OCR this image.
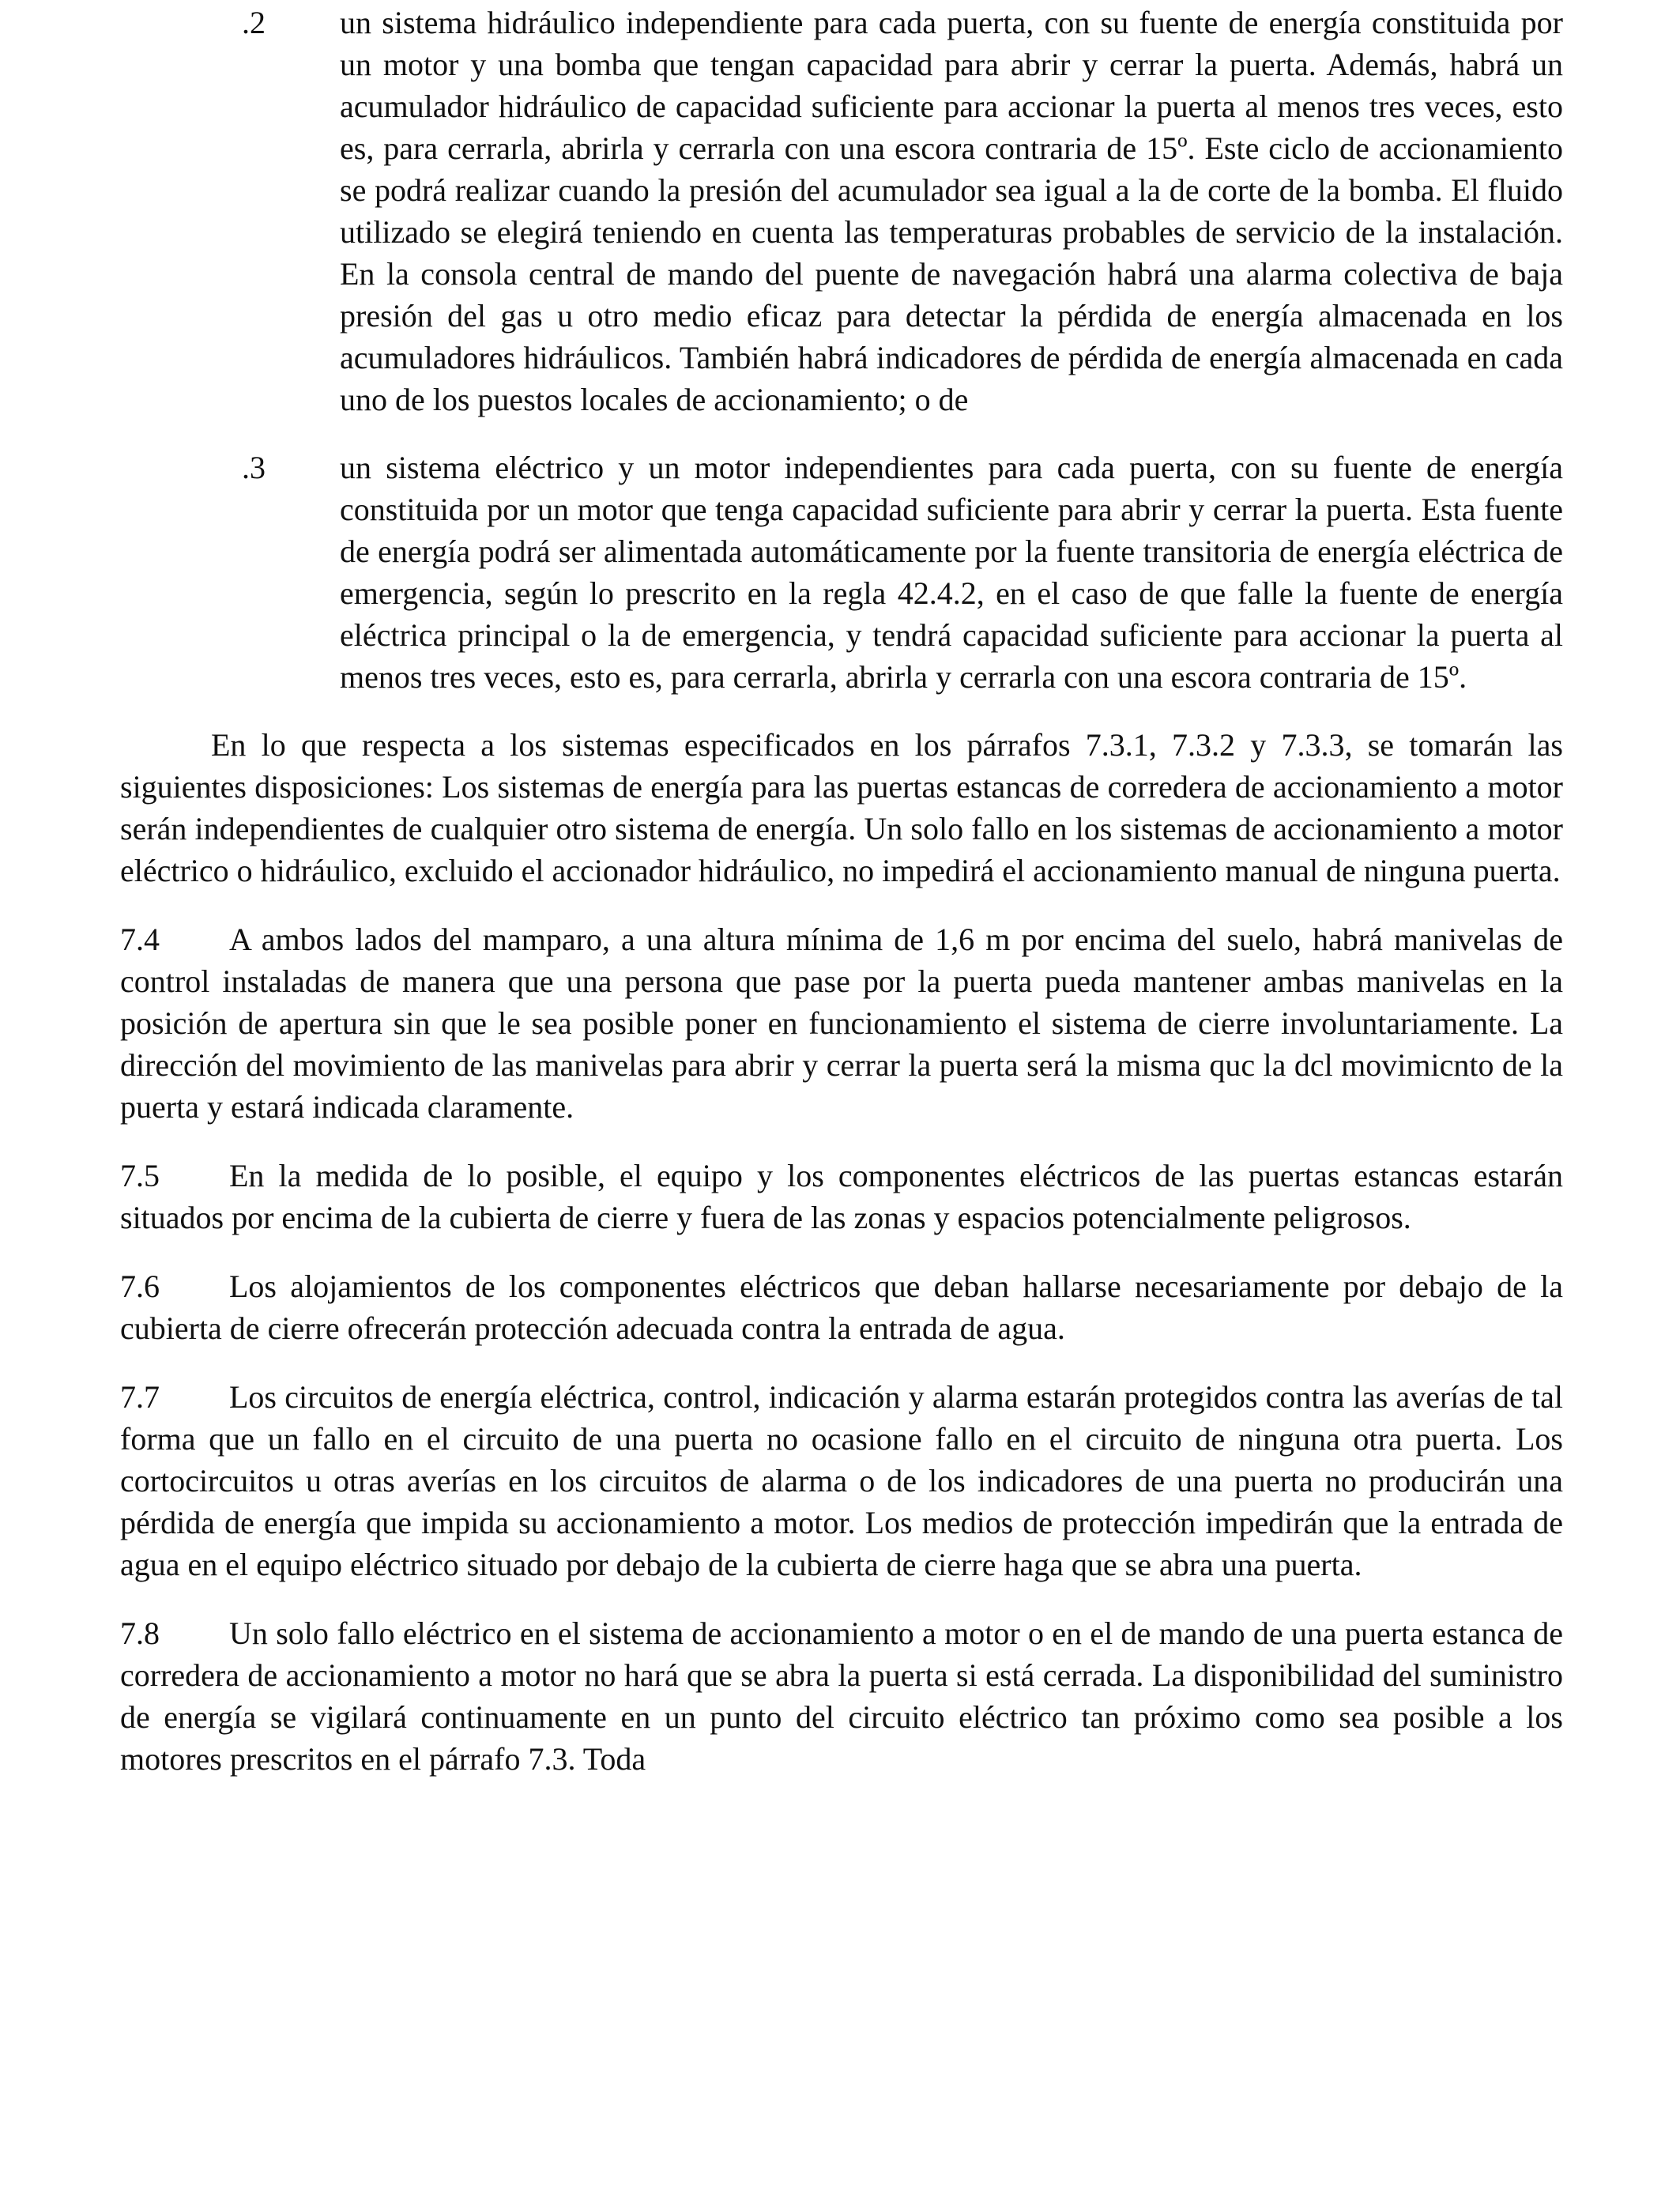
.2	un sistema hidráulico independiente para cada puerta, con su fuente de energía constituida por un motor y una bomba que tengan capacidad para abrir y cerrar la puerta. Además, habrá un acumulador hidráulico de capacidad suficiente para accionar la puerta al menos tres veces, esto es, para cerrarla, abrirla y cerrarla con una escora contraria de 15º. Este ciclo de accionamiento se podrá realizar cuando la presión del acumulador sea igual a la de corte de la bomba. El fluido utilizado se elegirá teniendo en cuenta las temperaturas probables de servicio de la instalación. En la consola central de mando del puente de navegación habrá una alarma colectiva de baja presión del gas u otro medio eficaz para detectar la pérdida de energía almacenada en los acumuladores hidráulicos. También habrá indicadores de pérdida de energía almacenada en cada uno de los puestos locales de accionamiento; o de
.3	un sistema eléctrico y un motor independientes para cada puerta, con su fuente de energía constituida por un motor que tenga capacidad suficiente para abrir y cerrar la puerta. Esta fuente de energía podrá ser alimentada automáticamente por la fuente transitoria de energía eléctrica de emergencia, según lo prescrito en la regla 42.4.2, en el caso de que falle la fuente de energía eléctrica principal o la de emergencia, y tendrá capacidad suficiente para accionar la puerta al menos tres veces, esto es, para cerrarla, abrirla y cerrarla con una escora contraria de 15º.

En lo que respecta a los sistemas especificados en los párrafos 7.3.1, 7.3.2 y 7.3.3, se tomarán las siguientes disposiciones: Los sistemas de energía para las puertas estancas de corredera de accionamiento a motor serán independientes de cualquier otro sistema de energía. Un solo fallo en los sistemas de accionamiento a motor eléctrico o hidráulico, excluido el accionador hidráulico, no impedirá el accionamiento manual de ninguna puerta.

7.4 A ambos lados del mamparo, a una altura mínima de 1,6 m por encima del suelo, habrá manivelas de control instaladas de manera que una persona que pase por la puerta pueda mantener ambas manivelas en la posición de apertura sin que le sea posible poner en funcionamiento el sistema de cierre involuntariamente. La dirección del movimiento de las manivelas para abrir y cerrar la puerta será la misma quc la dcl movimicnto de la puerta y estará indicada claramente.

7.5 En la medida de lo posible, el equipo y los componentes eléctricos de las puertas estancas estarán situados por encima de la cubierta de cierre y fuera de las zonas y espacios potencialmente peligrosos.

7.6 Los alojamientos de los componentes eléctricos que deban hallarse necesariamente por debajo de la cubierta de cierre ofrecerán protección adecuada contra la entrada de agua.

7.7 Los circuitos de energía eléctrica, control, indicación y alarma estarán protegidos contra las averías de tal forma que un fallo en el circuito de una puerta no ocasione fallo en el circuito de ninguna otra puerta. Los cortocircuitos u otras averías en los circuitos de alarma o de los indicadores de una puerta no producirán una pérdida de energía que impida su accionamiento a motor. Los medios de protección impedirán que la entrada de agua en el equipo eléctrico situado por debajo de la cubierta de cierre haga que se abra una puerta.

7.8 Un solo fallo eléctrico en el sistema de accionamiento a motor o en el de mando de una puerta estanca de corredera de accionamiento a motor no hará que se abra la puerta si está cerrada. La disponibilidad del suministro de energía se vigilará continuamente en un punto del circuito eléctrico tan próximo como sea posible a los motores prescritos en el párrafo 7.3. Toda
